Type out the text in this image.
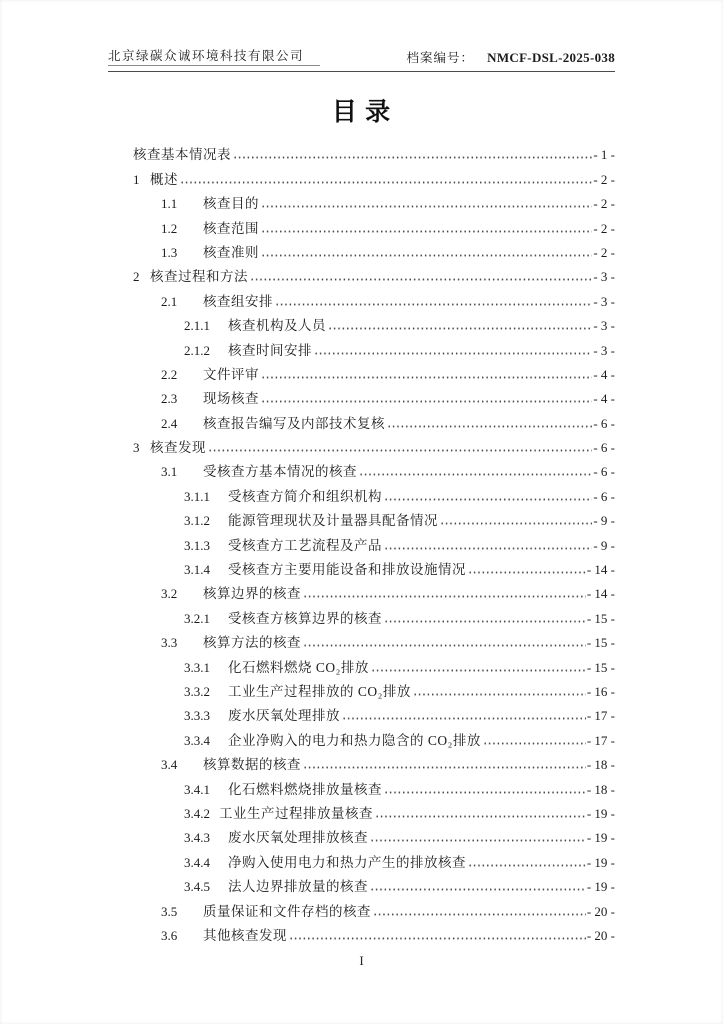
北京绿碳众诚环境科技有限公司	档案编号： NMCF-DSL-2025-038
目 录
核查基本情况表	- 1 -
1 概述	- 2 -
1.1	核查目的	- 2 -
1.2	核查范围	- 2 -
1.3	核查准则	- 2 -
2 核查过程和方法	- 3 -
2.1	核查组安排	- 3 -
2.1.1	核查机构及人员	- 3 -
2.1.2	核查时间安排	- 3 -
2.2	文件评审	- 4 -
2.3	现场核查	- 4 -
2.4	核查报告编写及内部技术复核	- 6 -
3 核查发现	- 6 -
3.1	受核查方基本情况的核查	- 6 -
3.1.1	受核查方简介和组织机构	- 6 -
3.1.2	能源管理现状及计量器具配备情况	- 9 -
3.1.3	受核查方工艺流程及产品	- 9 -
3.1.4	受核查方主要用能设备和排放设施情况	- 14 -
3.2	核算边界的核查	- 14 -
3.2.1	受核查方核算边界的核查	- 15 -
3.3	核算方法的核查	- 15 -
3.3.1	化石燃料燃烧 CO₂排放	- 15 -
3.3.2	工业生产过程排放的 CO₂排放	- 16 -
3.3.3	废水厌氧处理排放	- 17 -
3.3.4	企业净购入的电力和热力隐含的 CO₂排放	- 17 -
3.4	核算数据的核查	- 18 -
3.4.1	化石燃料燃烧排放量核查	- 18 -
3.4.2 工业生产过程排放量核查	- 19 -
3.4.3	废水厌氧处理排放核查	- 19 -
3.4.4	净购入使用电力和热力产生的排放核查	- 19 -
3.4.5	法人边界排放量的核查	- 19 -
3.5	质量保证和文件存档的核查	- 20 -
3.6	其他核查发现	- 20 -
I
